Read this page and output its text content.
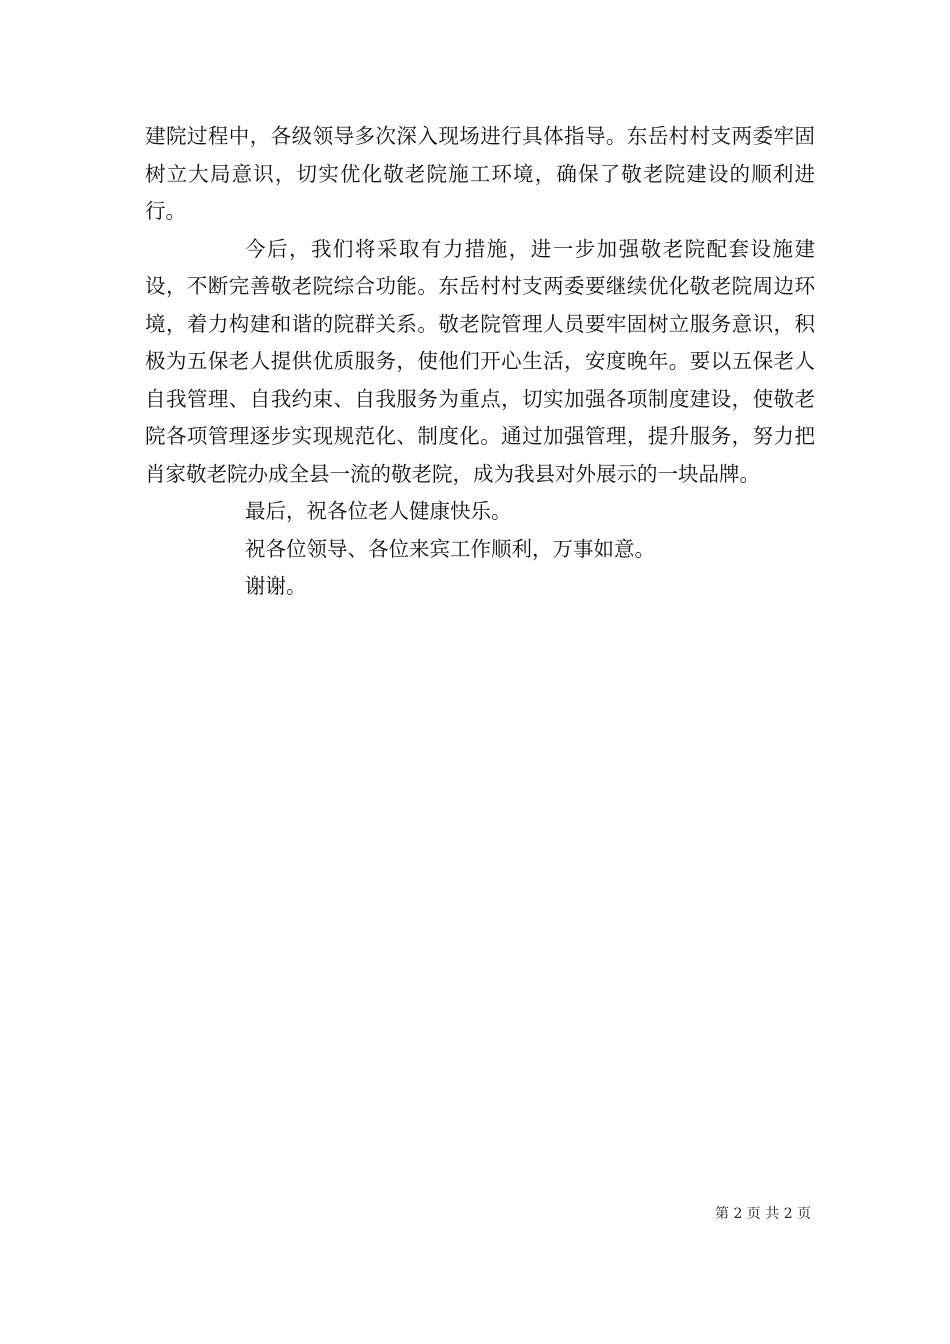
建院过程中，各级领导多次深入现场进行具体指导。东岳村村支两委牢固树立大局意识，切实优化敬老院施工环境，确保了敬老院建设的顺利进行。

今后，我们将采取有力措施，进一步加强敬老院配套设施建设，不断完善敬老院综合功能。东岳村村支两委要继续优化敬老院周边环境，着力构建和谐的院群关系。敬老院管理人员要牢固树立服务意识，积极为五保老人提供优质服务，使他们开心生活，安度晚年。要以五保老人自我管理、自我约束、自我服务为重点，切实加强各项制度建设，使敬老院各项管理逐步实现规范化、制度化。通过加强管理，提升服务，努力把肖家敬老院办成全县一流的敬老院，成为我县对外展示的一块品牌。

最后，祝各位老人健康快乐。

祝各位领导、各位来宾工作顺利，万事如意。

谢谢。

第 2 页 共 2 页
